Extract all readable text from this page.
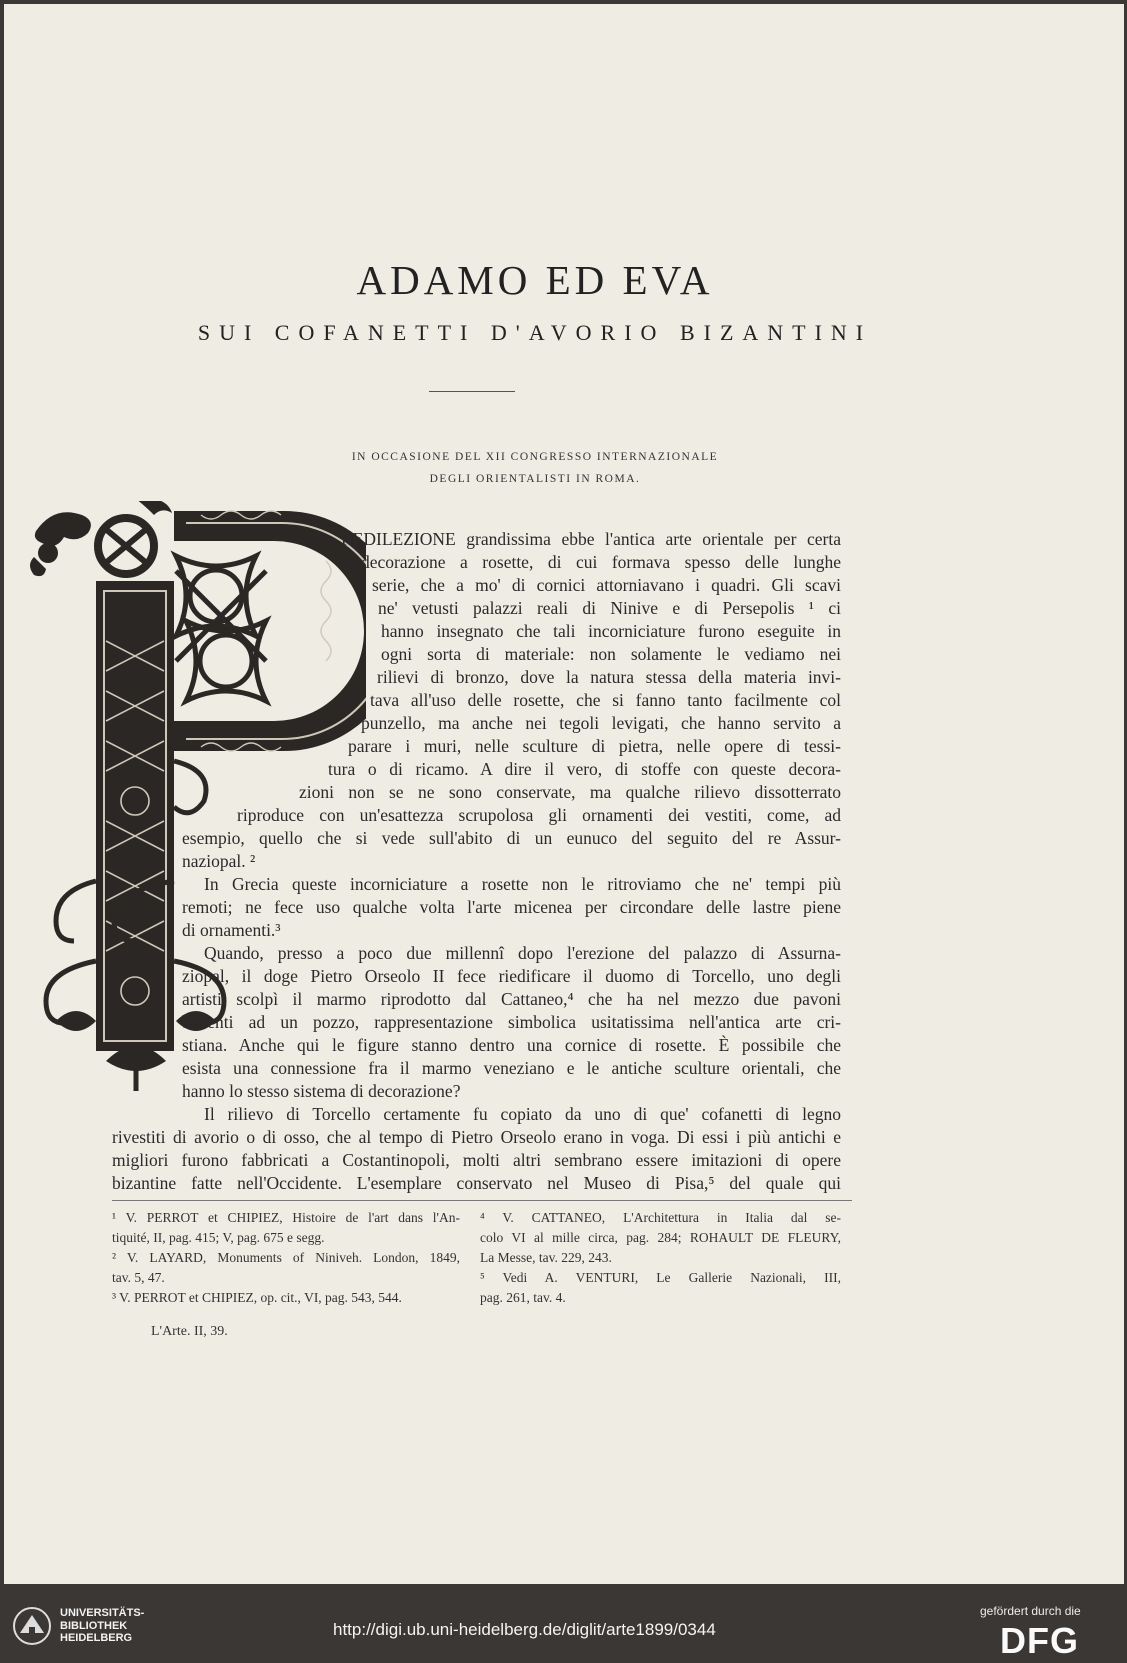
ADAMO ED EVA
SUI COFANETTI D'AVORIO BIZANTINI
IN OCCASIONE DEL XII CONGRESSO INTERNAZIONALE
DEGLI ORIENTALISTI IN ROMA.
REDILEZIONE grandissima ebbe l'antica arte orientale per certa
decorazione a rosette, di cui formava spesso delle lunghe
serie, che a mo' di cornici attorniavano i quadri. Gli scavi
ne' vetusti palazzi reali di Ninive e di Persepolis ¹ ci
hanno insegnato che tali incorniciature furono eseguite in
ogni sorta di materiale: non solamente le vediamo nei
rilievi di bronzo, dove la natura stessa della materia invi-
tava all'uso delle rosette, che si fanno tanto facilmente col
punzello, ma anche nei tegoli levigati, che hanno servito a
parare i muri, nelle sculture di pietra, nelle opere di tessi-
tura o di ricamo. A dire il vero, di stoffe con queste decora-
zioni non se ne sono conservate, ma qualche rilievo dissotterrato
riproduce con un'esattezza scrupolosa gli ornamenti dei vestiti, come, ad
esempio, quello che si vede sull'abito di un eunuco del seguito del re Assur-
naziopal. ²
In Grecia queste incorniciature a rosette non le ritroviamo che ne' tempi più
remoti; ne fece uso qualche volta l'arte micenea per circondare delle lastre piene
di ornamenti.³
Quando, presso a poco due millennî dopo l'erezione del palazzo di Assurna-
ziopal, il doge Pietro Orseolo II fece riedificare il duomo di Torcello, uno degli
artisti scolpì il marmo riprodotto dal Cattaneo,⁴ che ha nel mezzo due pavoni
beventi ad un pozzo, rappresentazione simbolica usitatissima nell'antica arte cri-
stiana. Anche qui le figure stanno dentro una cornice di rosette. È possibile che
esista una connessione fra il marmo veneziano e le antiche sculture orientali, che
hanno lo stesso sistema di decorazione?
Il rilievo di Torcello certamente fu copiato da uno di que' cofanetti di legno
rivestiti di avorio o di osso, che al tempo di Pietro Orseolo erano in voga. Di essi i più antichi e
migliori furono fabbricati a Costantinopoli, molti altri sembrano essere imitazioni di opere
bizantine fatte nell'Occidente. L'esemplare conservato nel Museo di Pisa,⁵ del quale qui
¹ V. PERROT et CHIPIEZ, Histoire de l'art dans l'An-
tiquité, II, pag. 415; V, pag. 675 e segg.
² V. LAYARD, Monuments of Niniveh. London, 1849,
tav. 5, 47.
³ V. PERROT et CHIPIEZ, op. cit., VI, pag. 543, 544.
⁴ V. CATTANEO, L'Architettura in Italia dal se-
colo VI al mille circa, pag. 284; ROHAULT DE FLEURY,
La Messe, tav. 229, 243.
⁵ Vedi A. VENTURI, Le Gallerie Nazionali, III,
pag. 261, tav. 4.
L'Arte. II, 39.
UNIVERSITÄTS-
BIBLIOTHEK
HEIDELBERG	http://digi.ub.uni-heidelberg.de/diglit/arte1899/0344
gefördert durch die
DFG
